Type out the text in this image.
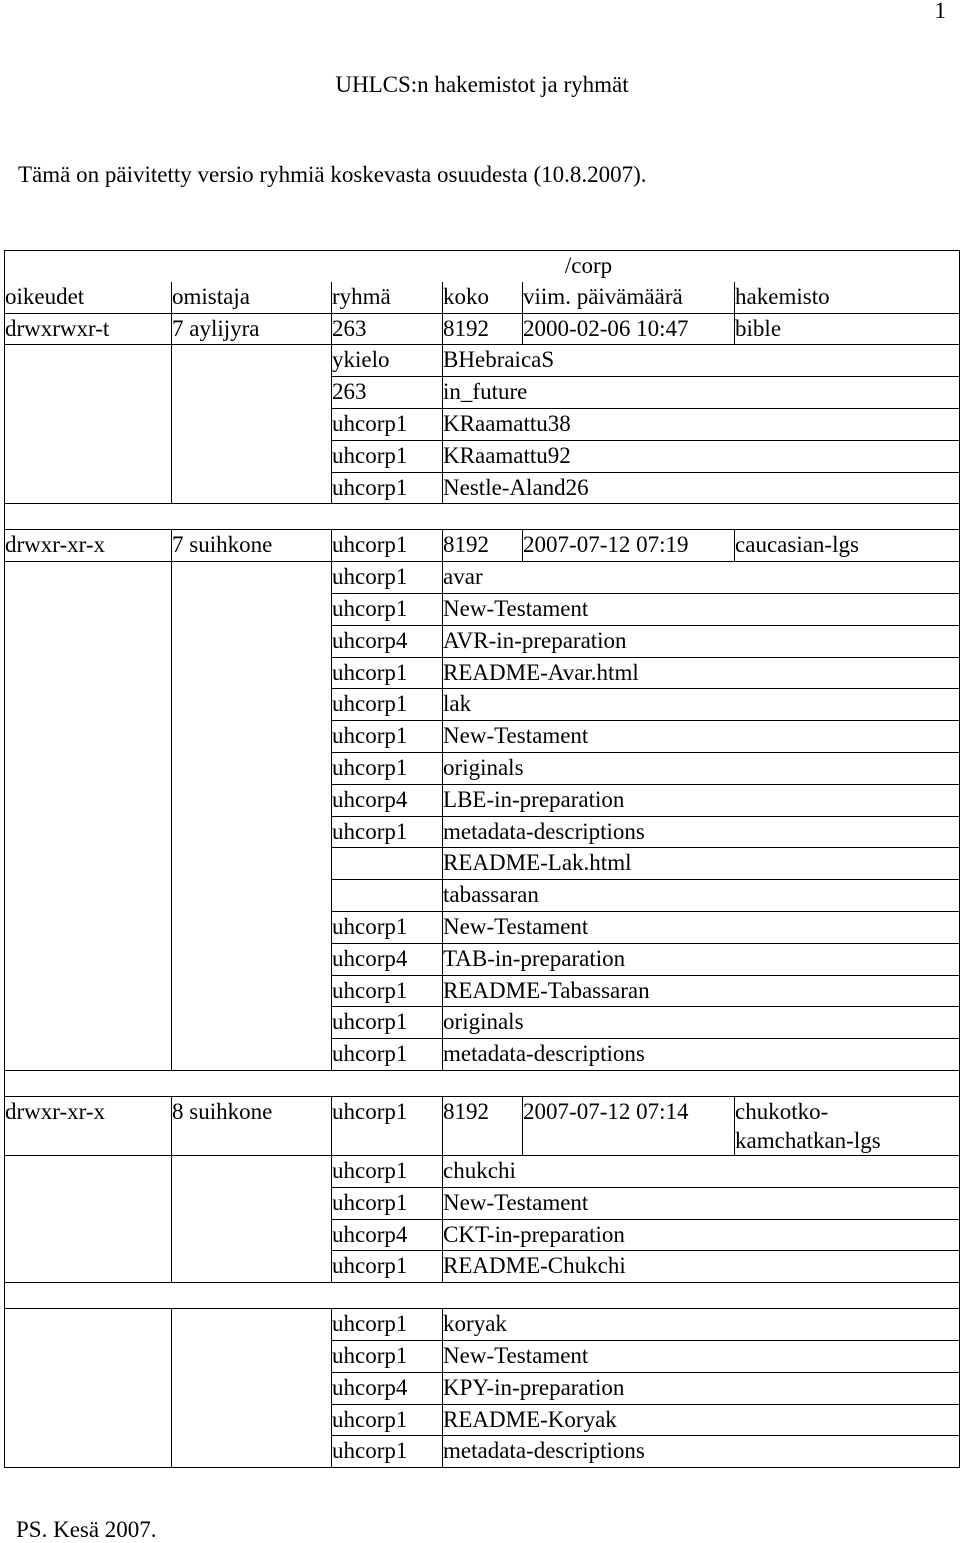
1
UHLCS:n hakemistot ja ryhmät
Tämä on päivitetty versio ryhmiä koskevasta osuudesta (10.8.2007).
			/corp		
oikeudet	omistaja	ryhmä	koko	viim. päivämäärä	hakemisto
drwxrwxr-t	7 aylijyra	263	8192	2000-02-06 10:47	bible
		ykielo	BHebraicaS		
		263	in_future		
		uhcorp1	KRaamattu38		
		uhcorp1	KRaamattu92		
		uhcorp1	Nestle-Aland26		

drwxr-xr-x	7 suihkone	uhcorp1	8192	2007-07-12 07:19	caucasian-lgs
		uhcorp1	avar		
		uhcorp1	New-Testament		
		uhcorp4	AVR-in-preparation		
		uhcorp1	README-Avar.html		
		uhcorp1	lak		
		uhcorp1	New-Testament		
		uhcorp1	originals		
		uhcorp4	LBE-in-preparation		
		uhcorp1	metadata-descriptions		
			README-Lak.html		
			tabassaran		
		uhcorp1	New-Testament		
		uhcorp4	TAB-in-preparation		
		uhcorp1	README-Tabassaran		
		uhcorp1	originals		
		uhcorp1	metadata-descriptions		

drwxr-xr-x	8 suihkone	uhcorp1	8192	2007-07-12 07:14	chukotko-
kamchatkan-lgs
		uhcorp1	chukchi		
		uhcorp1	New-Testament		
		uhcorp4	CKT-in-preparation		
		uhcorp1	README-Chukchi		

		uhcorp1	koryak		
		uhcorp1	New-Testament		
		uhcorp4	KPY-in-preparation		
		uhcorp1	README-Koryak		
		uhcorp1	metadata-descriptions		
PS. Kesä 2007.
